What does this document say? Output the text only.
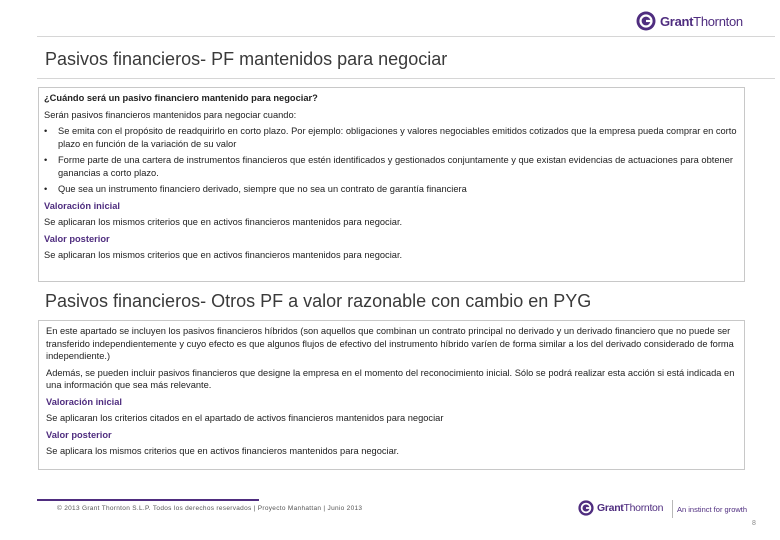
GrantThornton
Pasivos financieros- PF mantenidos para negociar

¿Cuándo será un pasivo financiero mantenido para negociar?

Serán pasivos financieros mantenidos para negociar cuando:

•	Se emita con el propósito de readquirirlo en corto plazo. Por ejemplo: obligaciones y valores negociables emitidos cotizados que la empresa pueda comprar en corto plazo en función de la variación de su valor
•	Forme parte de una cartera de instrumentos financieros que estén identificados y gestionados conjuntamente y que existan evidencias de actuaciones para obtener ganancias a corto plazo.
•	Que sea un instrumento financiero derivado, siempre que no sea un contrato de garantía financiera

Valoración inicial

Se aplicaran los mismos criterios que en activos financieros mantenidos para negociar.

Valor posterior

Se aplicaran los mismos criterios que en activos financieros mantenidos para negociar.

Pasivos financieros- Otros PF a valor razonable con cambio en PYG

En este apartado se incluyen los pasivos financieros híbridos (son aquellos que combinan un contrato principal no derivado y un derivado financiero que no puede ser transferido independientemente y cuyo efecto es que algunos flujos de efectivo del instrumento híbrido varíen de forma similar a los del derivado considerado de forma independiente.)

Además, se pueden incluir pasivos financieros que designe la empresa en el momento del reconocimiento inicial. Sólo se podrá realizar esta acción si está indicada en una información que sea más relevante.

Valoración inicial

Se aplicaran los criterios citados en el apartado de activos financieros mantenidos para negociar

Valor posterior

Se aplicara los mismos criterios que en activos financieros mantenidos para negociar.

© 2013 Grant Thornton S.L.P. Todos los derechos reservados | Proyecto Manhattan | Junio 2013	GrantThornton An instinct for growth
8
